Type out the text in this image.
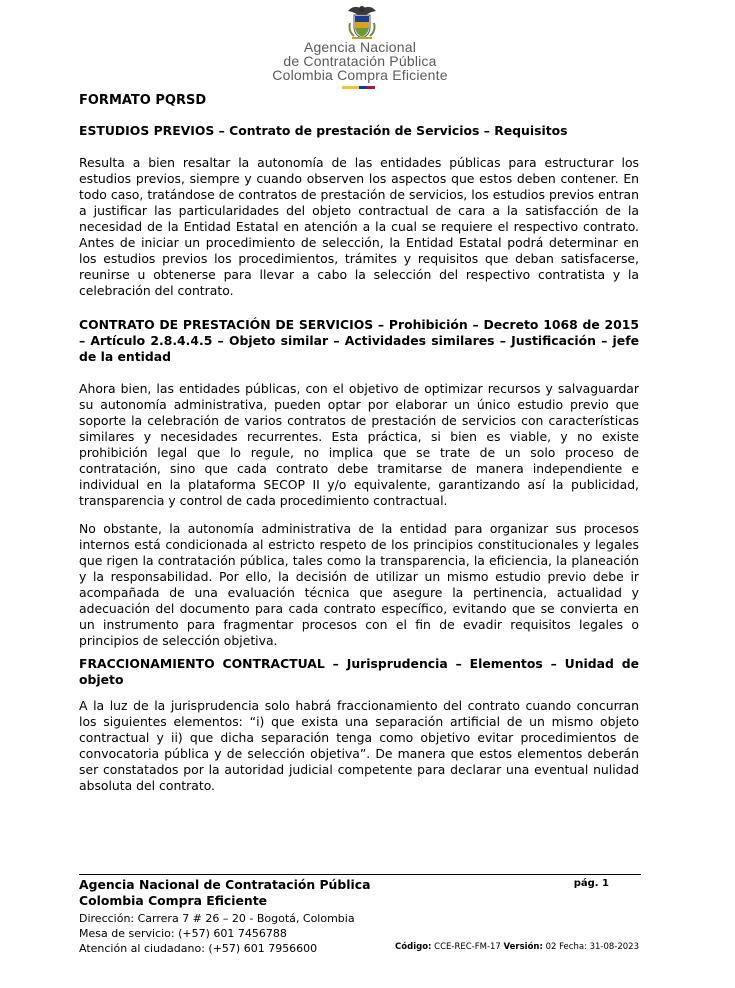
Agencia Nacional
de Contratación Pública
Colombia Compra Eficiente
FORMATO PQRSD
ESTUDIOS PREVIOS – Contrato de prestación de Servicios – Requisitos

Resulta a bien resaltar la autonomía de las entidades públicas para estructurar los estudios previos, siempre y cuando observen los aspectos que estos deben contener. En todo caso, tratándose de contratos de prestación de servicios, los estudios previos entran a justificar las particularidades del objeto contractual de cara a la satisfacción de la necesidad de la Entidad Estatal en atención a la cual se requiere el respectivo contrato. Antes de iniciar un procedimiento de selección, la Entidad Estatal podrá determinar en los estudios previos los procedimientos, trámites y requisitos que deban satisfacerse, reunirse u obtenerse para llevar a cabo la selección del respectivo contratista y la celebración del contrato.

CONTRATO DE PRESTACIÓN DE SERVICIOS – Prohibición – Decreto 1068 de 2015 – Artículo 2.8.4.4.5 – Objeto similar – Actividades similares – Justificación – jefe de la entidad

Ahora bien, las entidades públicas, con el objetivo de optimizar recursos y salvaguardar su autonomía administrativa, pueden optar por elaborar un único estudio previo que soporte la celebración de varios contratos de prestación de servicios con características similares y necesidades recurrentes. Esta práctica, si bien es viable, y no existe prohibición legal que lo regule, no implica que se trate de un solo proceso de contratación, sino que cada contrato debe tramitarse de manera independiente e individual en la plataforma SECOP II y/o equivalente, garantizando así la publicidad, transparencia y control de cada procedimiento contractual.

No obstante, la autonomía administrativa de la entidad para organizar sus procesos internos está condicionada al estricto respeto de los principios constitucionales y legales que rigen la contratación pública, tales como la transparencia, la eficiencia, la planeación y la responsabilidad. Por ello, la decisión de utilizar un mismo estudio previo debe ir acompañada de una evaluación técnica que asegure la pertinencia, actualidad y adecuación del documento para cada contrato específico, evitando que se convierta en un instrumento para fragmentar procesos con el fin de evadir requisitos legales o principios de selección objetiva.

FRACCIONAMIENTO CONTRACTUAL – Jurisprudencia – Elementos – Unidad de objeto

A la luz de la jurisprudencia solo habrá fraccionamiento del contrato cuando concurran los siguientes elementos: “i) que exista una separación artificial de un mismo objeto contractual y ii) que dicha separación tenga como objetivo evitar procedimientos de convocatoria pública y de selección objetiva”. De manera que estos elementos deberán ser constatados por la autoridad judicial competente para declarar una eventual nulidad absoluta del contrato.

Agencia Nacional de Contratación Pública
Colombia Compra Eficiente
pág. 1
Dirección: Carrera 7 # 26 – 20 - Bogotá, Colombia
Mesa de servicio: (+57) 601 7456788
Atención al ciudadano: (+57) 601 7956600	Código: CCE-REC-FM-17 Versión: 02 Fecha: 31-08-2023
